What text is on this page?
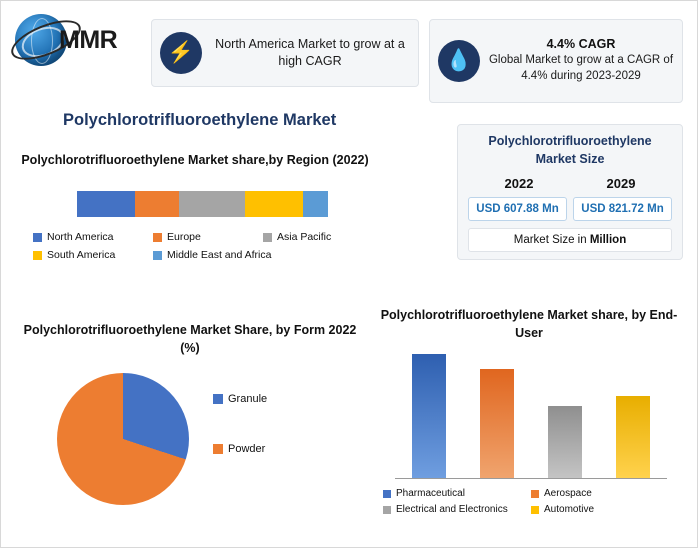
MMR	⚡	North America Market to grow at a high CAGR	💧
4.4% CAGR
Global Market to grow at a CAGR of 4.4% during 2023-2029
Polychlorotrifluoroethylene Market
Polychlorotrifluoroethylene Market share,by Region (2022)
North America	Europe	Asia Pacific
South America	Middle East and Africa
Polychlorotrifluoroethylene Market Size
2022	2029
USD 607.88 Mn	USD 821.72 Mn
Market Size in Million
Polychlorotrifluoroethylene Market Share, by Form 2022 (%)
Granule
Powder
Polychlorotrifluoroethylene Market share, by End-User
Pharmaceutical	Aerospace
Electrical and Electronics	Automotive
